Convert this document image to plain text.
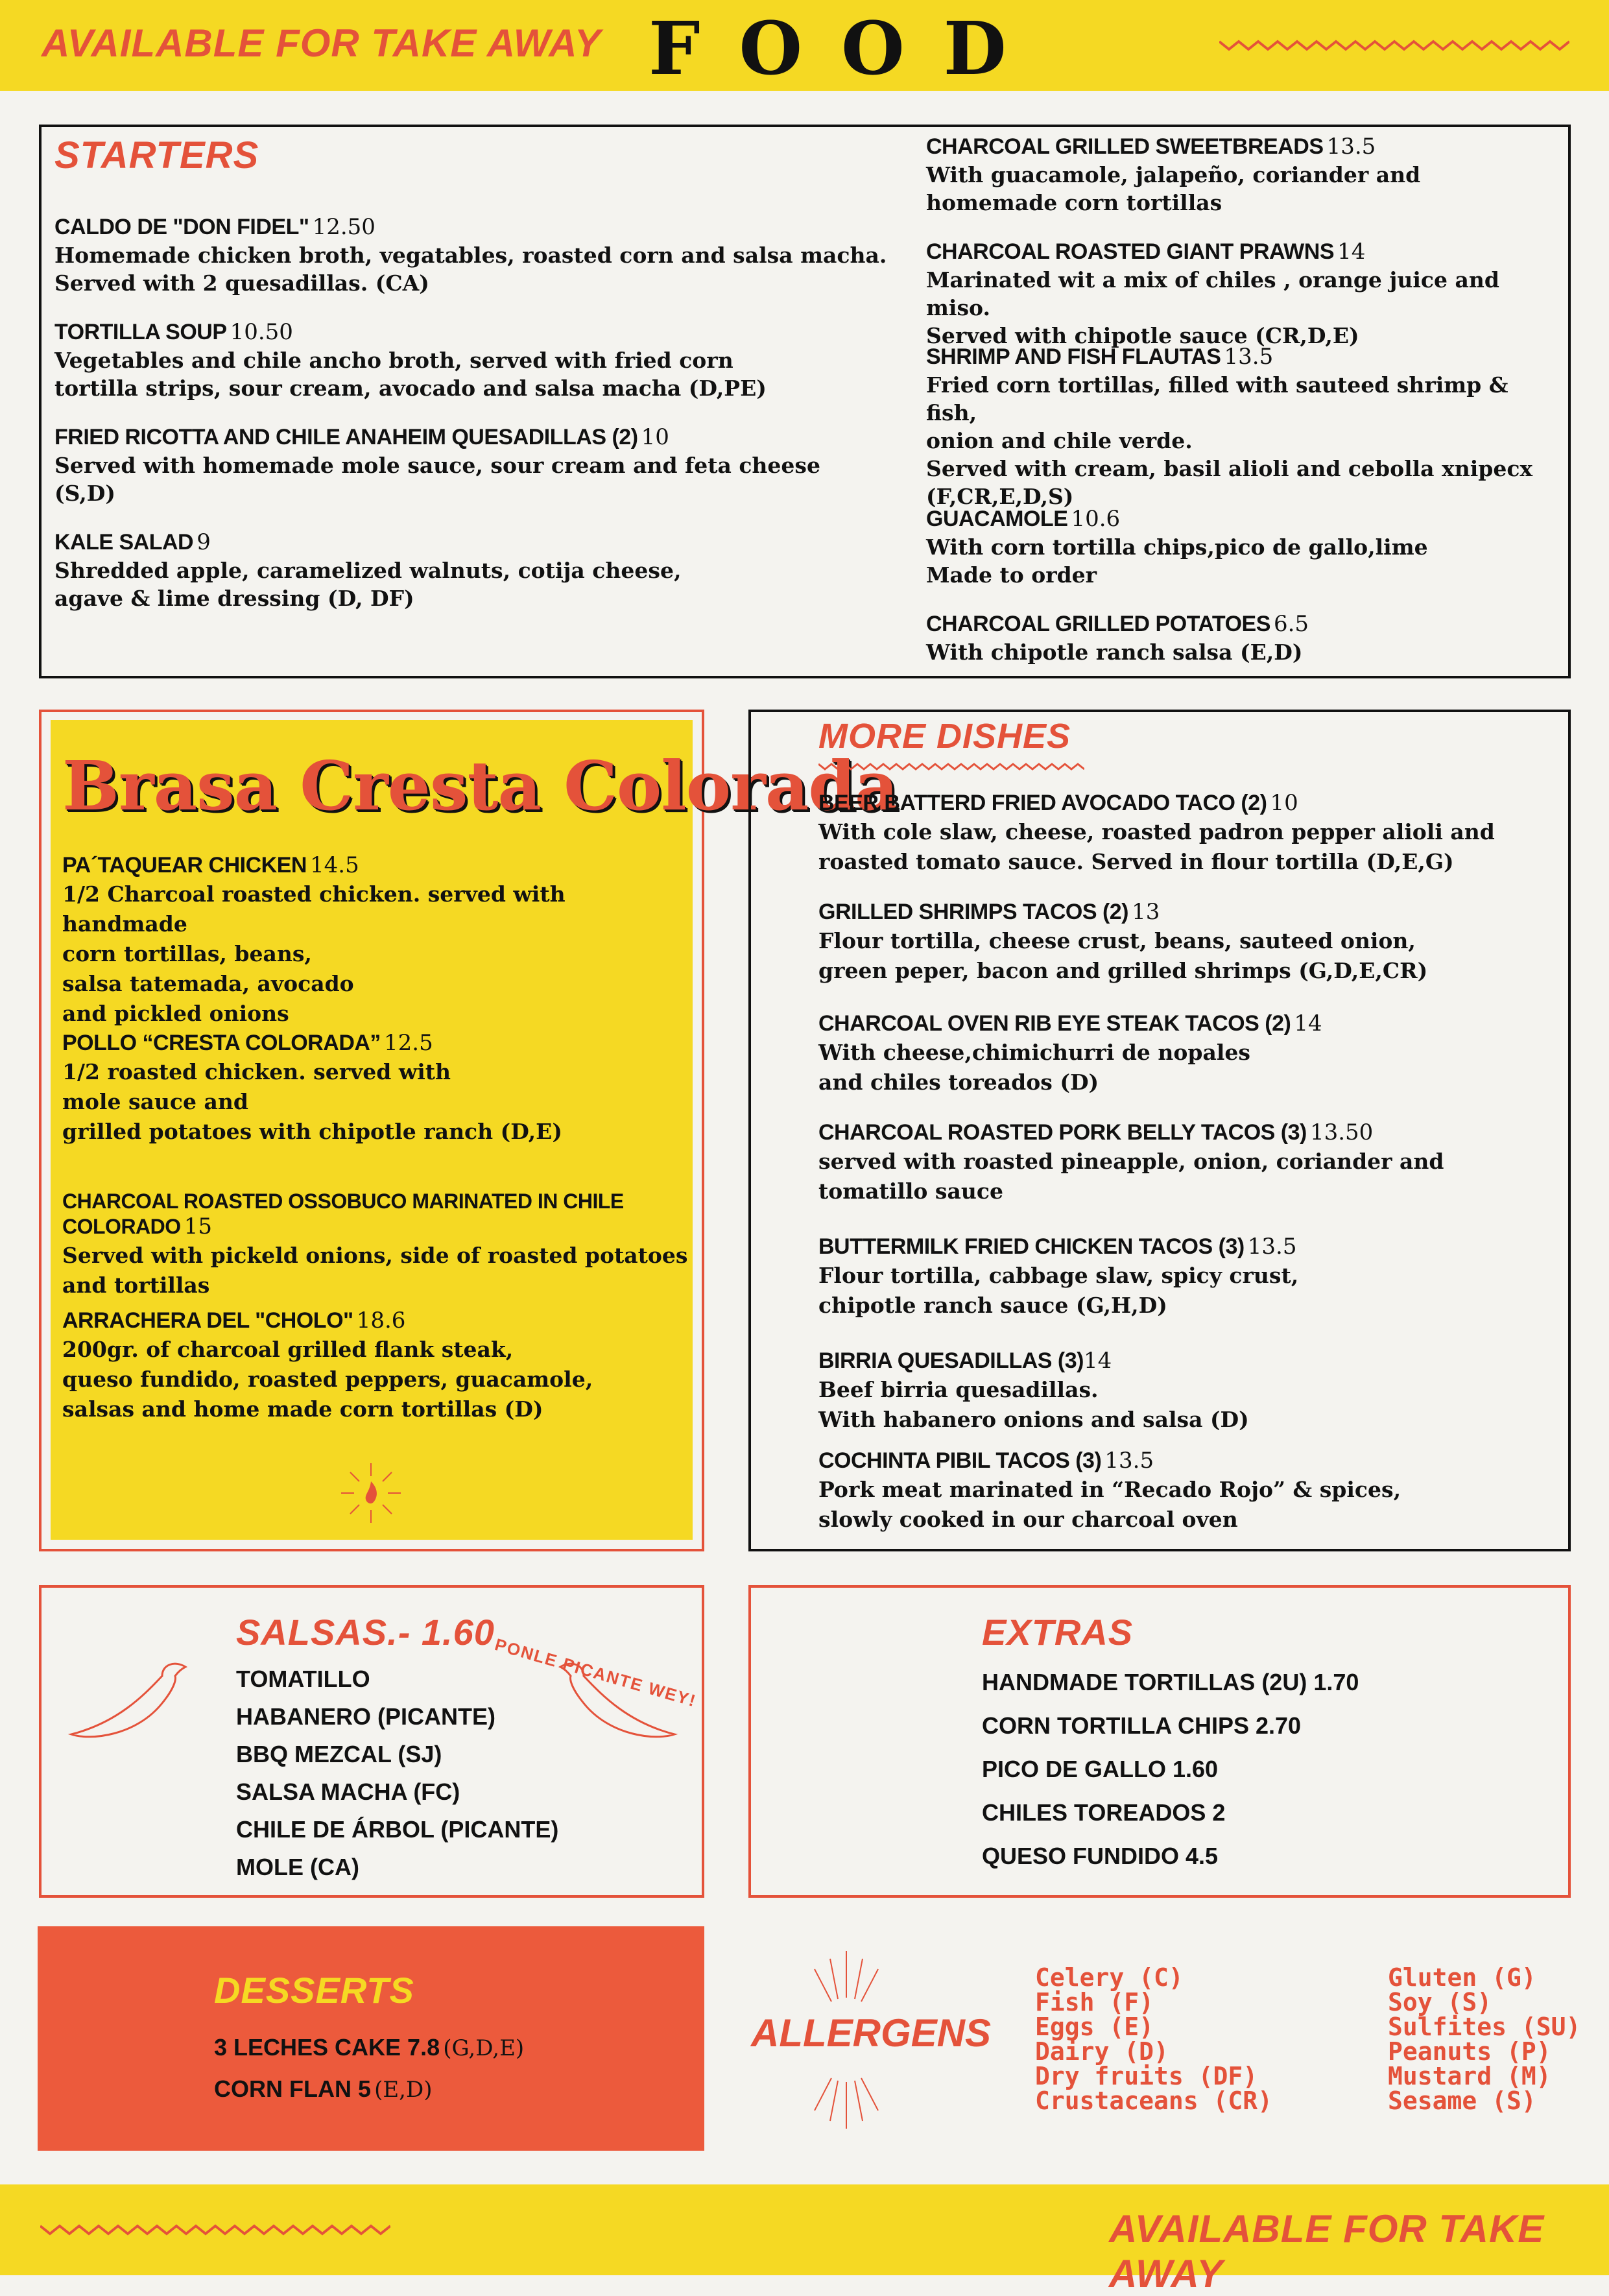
AVAILABLE FOR TAKE AWAY FOOD
STARTERS
CALDO DE "DON FIDEL" 12.50
Homemade chicken broth, vegatables, roasted corn and salsa macha.
Served with 2 quesadillas. (CA)
TORTILLA SOUP 10.50
Vegetables and chile ancho broth, served with fried corn
tortilla strips, sour cream, avocado and salsa macha (D,PE)
FRIED RICOTTA AND CHILE ANAHEIM QUESADILLAS (2) 10
Served with homemade mole sauce, sour cream and feta cheese
(S,D)
KALE SALAD 9
Shredded apple, caramelized walnuts, cotija cheese,
agave & lime dressing (D, DF)
CHARCOAL GRILLED SWEETBREADS 13.5
With guacamole, jalapeño, coriander and
homemade corn tortillas
CHARCOAL ROASTED GIANT PRAWNS 14
Marinated wit a mix of chiles , orange juice and miso.
Served with chipotle sauce (CR,D,E)
SHRIMP AND FISH FLAUTAS 13.5
Fried corn tortillas, filled with sauteed shrimp & fish,
onion and chile verde.
Served with cream, basil alioli and cebolla xnipecx
(F,CR,E,D,S)
GUACAMOLE 10.6
With corn tortilla chips,pico de gallo,lime
Made to order
CHARCOAL GRILLED POTATOES 6.5
With chipotle ranch salsa (E,D)
Brasa Cresta Colorada
PA´TAQUEAR CHICKEN 14.5
1/2 Charcoal roasted chicken. served with handmade
corn tortillas, beans,
salsa tatemada, avocado
and pickled onions
POLLO “CRESTA COLORADA” 12.5
1/2 roasted chicken. served with
mole sauce and
grilled potatoes with chipotle ranch (D,E)
CHARCOAL ROASTED OSSOBUCO MARINATED IN CHILE COLORADO 15
Served with pickeld onions, side of roasted potatoes
and tortillas
ARRACHERA DEL "CHOLO" 18.6
200gr. of charcoal grilled flank steak,
queso fundido, roasted peppers, guacamole,
salsas and home made corn tortillas (D)
MORE DISHES
BEER BATTERD FRIED AVOCADO TACO (2) 10
With cole slaw, cheese, roasted padron pepper alioli and
roasted tomato sauce. Served in flour tortilla (D,E,G)
GRILLED SHRIMPS TACOS (2) 13
Flour tortilla, cheese crust, beans, sauteed onion,
green peper, bacon and grilled shrimps (G,D,E,CR)
CHARCOAL OVEN RIB EYE STEAK TACOS (2) 14
With cheese,chimichurri de nopales
and chiles toreados (D)
CHARCOAL ROASTED PORK BELLY TACOS (3) 13.50
served with roasted pineapple, onion, coriander and
tomatillo sauce
BUTTERMILK FRIED CHICKEN TACOS (3) 13.5
Flour tortilla, cabbage slaw, spicy crust,
chipotle ranch sauce (G,H,D)
BIRRIA QUESADILLAS (3)14
Beef birria quesadillas.
With habanero onions and salsa (D)
COCHINTA PIBIL TACOS (3) 13.5
Pork meat marinated in “Recado Rojo” & spices,
slowly cooked in our charcoal oven
SALSAS.- 1.60
PONLE PICANTE WEY!
TOMATILLO
HABANERO (PICANTE)
BBQ MEZCAL (SJ)
SALSA MACHA (FC)
CHILE DE ÁRBOL (PICANTE)
MOLE (CA)
EXTRAS
HANDMADE TORTILLAS (2U) 1.70
CORN TORTILLA CHIPS 2.70
PICO DE GALLO 1.60
CHILES TOREADOS 2
QUESO FUNDIDO 4.5
DESSERTS
3 LECHES CAKE 7.8 (G,D,E)
CORN FLAN 5 (E,D)
ALLERGENS
Celery (C)
Fish (F)
Eggs (E)
Dairy (D)
Dry fruits (DF)
Crustaceans (CR)
Gluten (G)
Soy (S)
Sulfites (SU)
Peanuts (P)
Mustard (M)
Sesame (S)
AVAILABLE FOR TAKE AWAY
